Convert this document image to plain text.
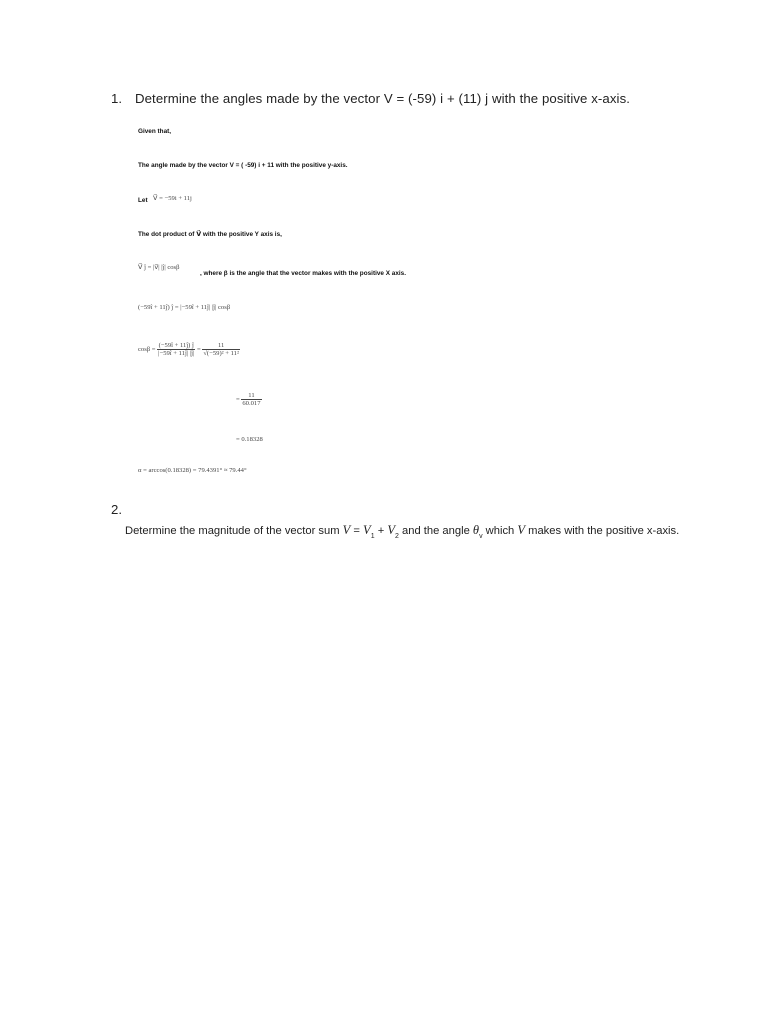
1. Determine the angles made by the vector V = (-59) i + (11) j with the positive x-axis.
Given that,
The angle made by the vector V = ( -59) i + 11 with the positive y-axis.
Let V⃗ = −59i + 11j
The dot product of V⃗ with the positive Y axis is,
V⃗ ĵ = |v⃗| |ĵ| cosβ
, where β is the angle that the vector makes with the positive X axis.
(−59î + 11ĵ) ĵ = |−59î + 11ĵ| |ĵ| cosβ
$\cos\beta = \frac{(-59î + 11ĵ) ĵ}{|-59î + 11ĵ| |ĵ|} = \frac{11}{\text{√(−59)² + 11²}}$
= $\frac{11}{60.017}$
= 0.18328
α = arccos(0.18328) = 79.4391° ≈ 79.44°
2.
Determine the magnitude of the vector sum $V = V_1 + V_2$ and the angle $\theta_v$ which V makes with the positive x-axis.
